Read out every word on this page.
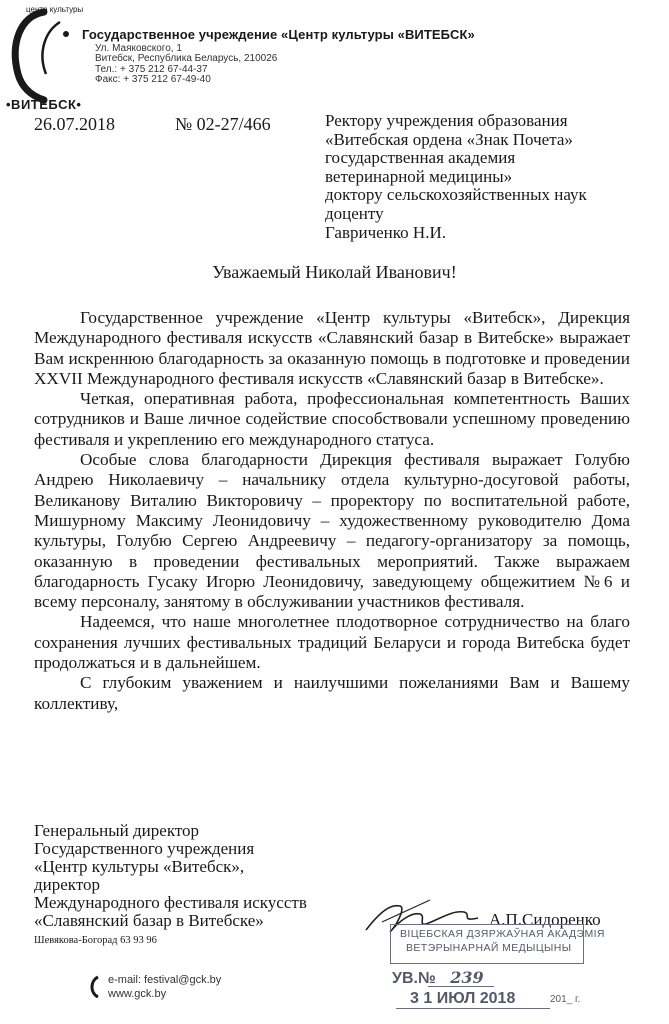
центр культуры
•ВИТЕБСК•
Государственное учреждение «Центр культуры «ВИТЕБСК»
Ул. Маяковского, 1
Витебск, Республика Беларусь, 210026
Тел.: + 375 212 67-44-37
Факс: + 375 212 67-49-40
26.07.2018	№ 02-27/466	Ректору учреждения образования
«Витебская ордена «Знак Почета»
государственная академия
ветеринарной медицины»
доктору сельскохозяйственных наук
доценту
Гавриченко Н.И.
Уважаемый Николай Иванович!

Государственное учреждение «Центр культуры «Витебск», Дирекция Международного фестиваля искусств «Славянский базар в Витебске» выражает Вам искреннюю благодарность за оказанную помощь в подготовке и проведении XXVII Международного фестиваля искусств «Славянский базар в Витебске».

Четкая, оперативная работа, профессиональная компетентность Ваших сотрудников и Ваше личное содействие способствовали успешному проведению фестиваля и укреплению его международного статуса.

Особые слова благодарности Дирекция фестиваля выражает Голубю Андрею Николаевичу – начальнику отдела культурно-досуговой работы, Великанову Виталию Викторовичу – проректору по воспитательной работе, Мишурному Максиму Леонидовичу – художественному руководителю Дома культуры, Голубю Сергею Андреевичу – педагогу-организатору за помощь, оказанную в проведении фестивальных мероприятий. Также выражаем благодарность Гусаку Игорю Леонидовичу, заведующему общежитием №6 и всему персоналу, занятому в обслуживании участников фестиваля.

Надеемся, что наше многолетнее плодотворное сотрудничество на благо сохранения лучших фестивальных традиций Беларуси и города Витебска будет продолжаться и в дальнейшем.

С глубоким уважением и наилучшими пожеланиями Вам и Вашему коллективу,

Генеральный директор
Государственного учреждения
«Центр культуры «Витебск»,
директор
Международного фестиваля искусств
«Славянский базар в Витебске»	А.П.Сидоренко
Шевякова-Богорад 63 93 96
ВІЦЕБСКАЯ ДЗЯРЖАЎНАЯ АКАДЭМІЯ
ВЕТЭРЫНАРНАЙ МЕДЫЦЫНЫ
УВ.№ 239
3 1 ИЮЛ 2018	201_ г.
e-mail: festival@gck.by
www.gck.by
